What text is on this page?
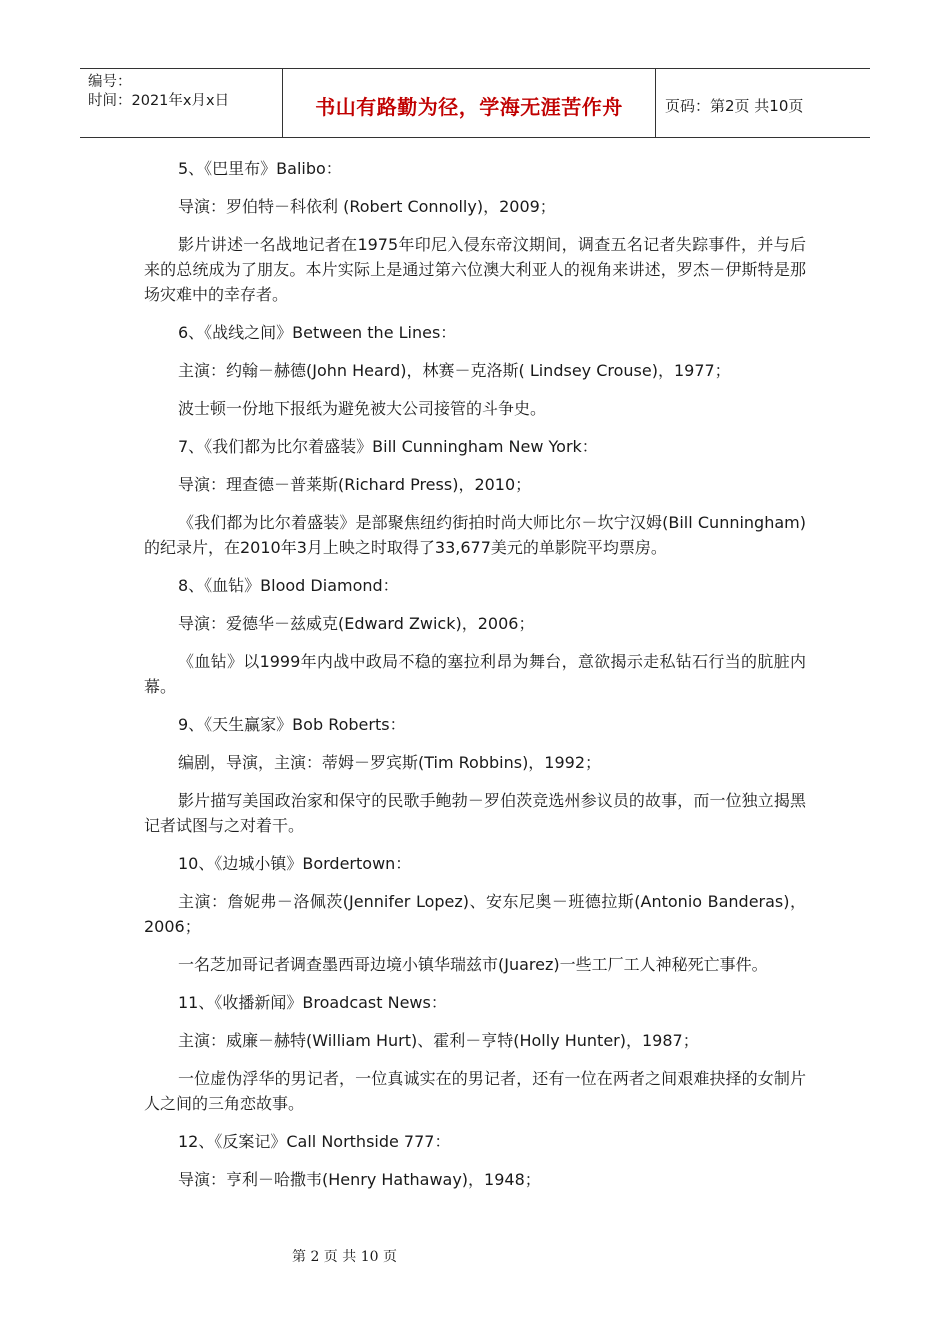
编号：
时间：2021年x月x日	书山有路勤为径，学海无涯苦作舟	页码：第2页 共10页

5、《巴里布》Balibo：

导演：罗伯特－科依利 (Robert Connolly)，2009；

影片讲述一名战地记者在1975年印尼入侵东帝汶期间，调查五名记者失踪事件，并与后来的总统成为了朋友。本片实际上是通过第六位澳大利亚人的视角来讲述，罗杰－伊斯特是那场灾难中的幸存者。

6、《战线之间》Between the Lines：

主演：约翰－赫德(John Heard)，林赛－克洛斯( Lindsey Crouse)，1977；

波士顿一份地下报纸为避免被大公司接管的斗争史。

7、《我们都为比尔着盛装》Bill Cunningham New York：

导演：理查德－普莱斯(Richard Press)，2010；

《我们都为比尔着盛装》是部聚焦纽约街拍时尚大师比尔－坎宁汉姆(Bill Cunningham)的纪录片，在2010年3月上映之时取得了33,677美元的单影院平均票房。

8、《血钻》Blood Diamond：

导演：爱德华－兹威克(Edward Zwick)，2006；

《血钻》以1999年内战中政局不稳的塞拉利昂为舞台，意欲揭示走私钻石行当的肮脏内幕。

9、《天生赢家》Bob Roberts：

编剧，导演，主演：蒂姆－罗宾斯(Tim Robbins)，1992；

影片描写美国政治家和保守的民歌手鲍勃－罗伯茨竞选州参议员的故事，而一位独立揭黑记者试图与之对着干。

10、《边城小镇》Bordertown：

主演：詹妮弗－洛佩茨(Jennifer Lopez)、安东尼奥－班德拉斯(Antonio Banderas)，2006；

一名芝加哥记者调查墨西哥边境小镇华瑞兹市(Juarez)一些工厂工人神秘死亡事件。

11、《收播新闻》Broadcast News：

主演：威廉－赫特(William Hurt)、霍利－亨特(Holly Hunter)，1987；

一位虚伪浮华的男记者，一位真诚实在的男记者，还有一位在两者之间艰难抉择的女制片人之间的三角恋故事。

12、《反案记》Call Northside 777：

导演：亨利－哈撒韦(Henry Hathaway)，1948；

第 2 页 共 10 页
